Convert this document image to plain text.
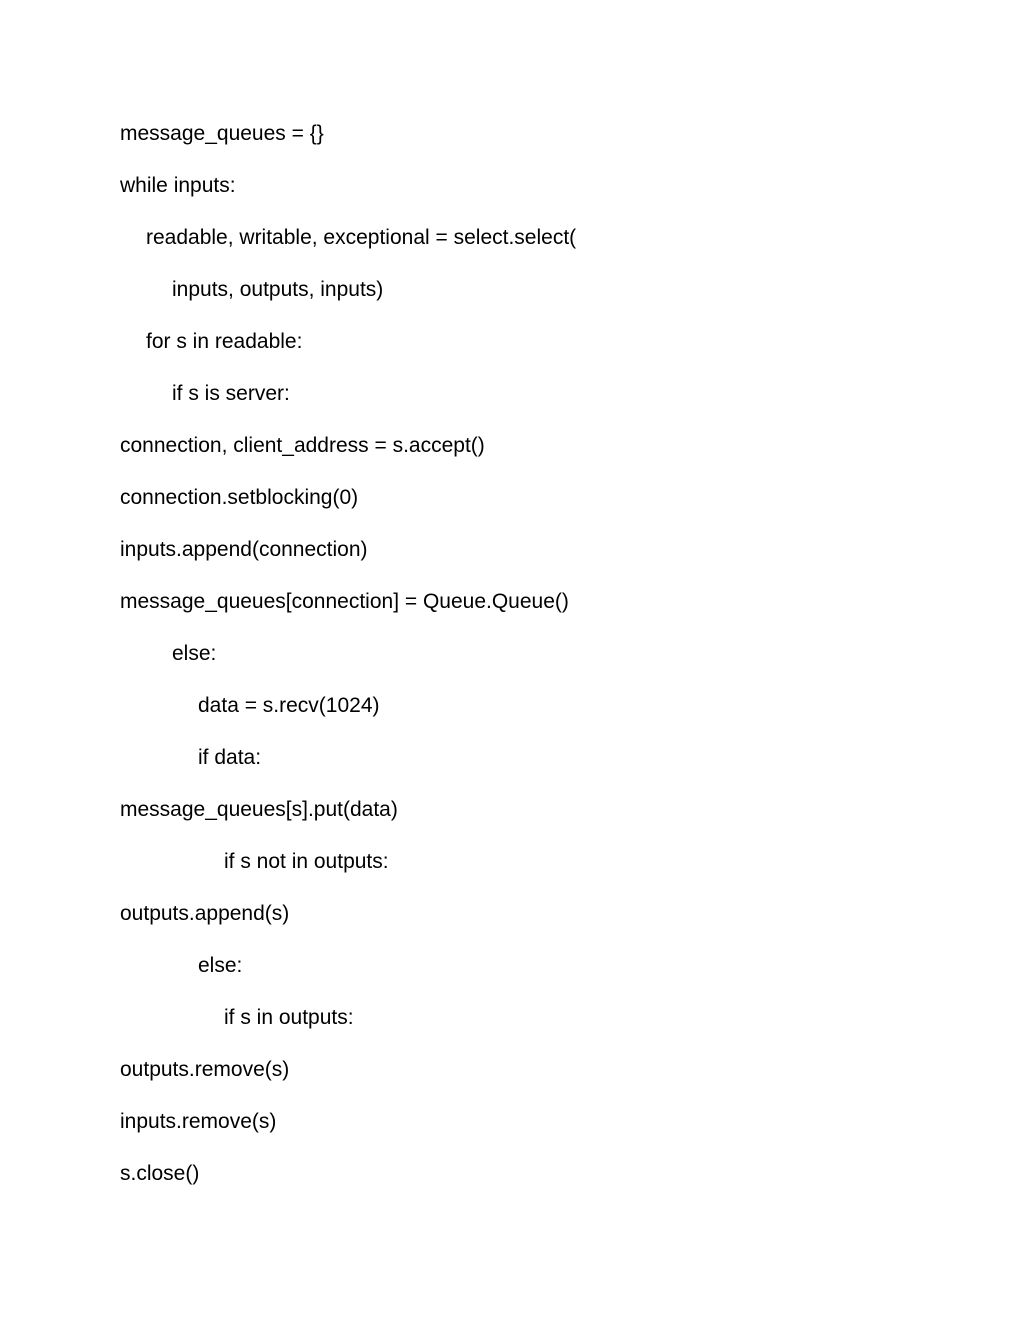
message_queues = {}
while inputs:
readable, writable, exceptional = select.select(
inputs, outputs, inputs)
for s in readable:
if s is server:
connection, client_address = s.accept()
connection.setblocking(0)
inputs.append(connection)
message_queues[connection] = Queue.Queue()
else:
data = s.recv(1024)
if data:
message_queues[s].put(data)
if s not in outputs:
outputs.append(s)
else:
if s in outputs:
outputs.remove(s)
inputs.remove(s)
s.close()
